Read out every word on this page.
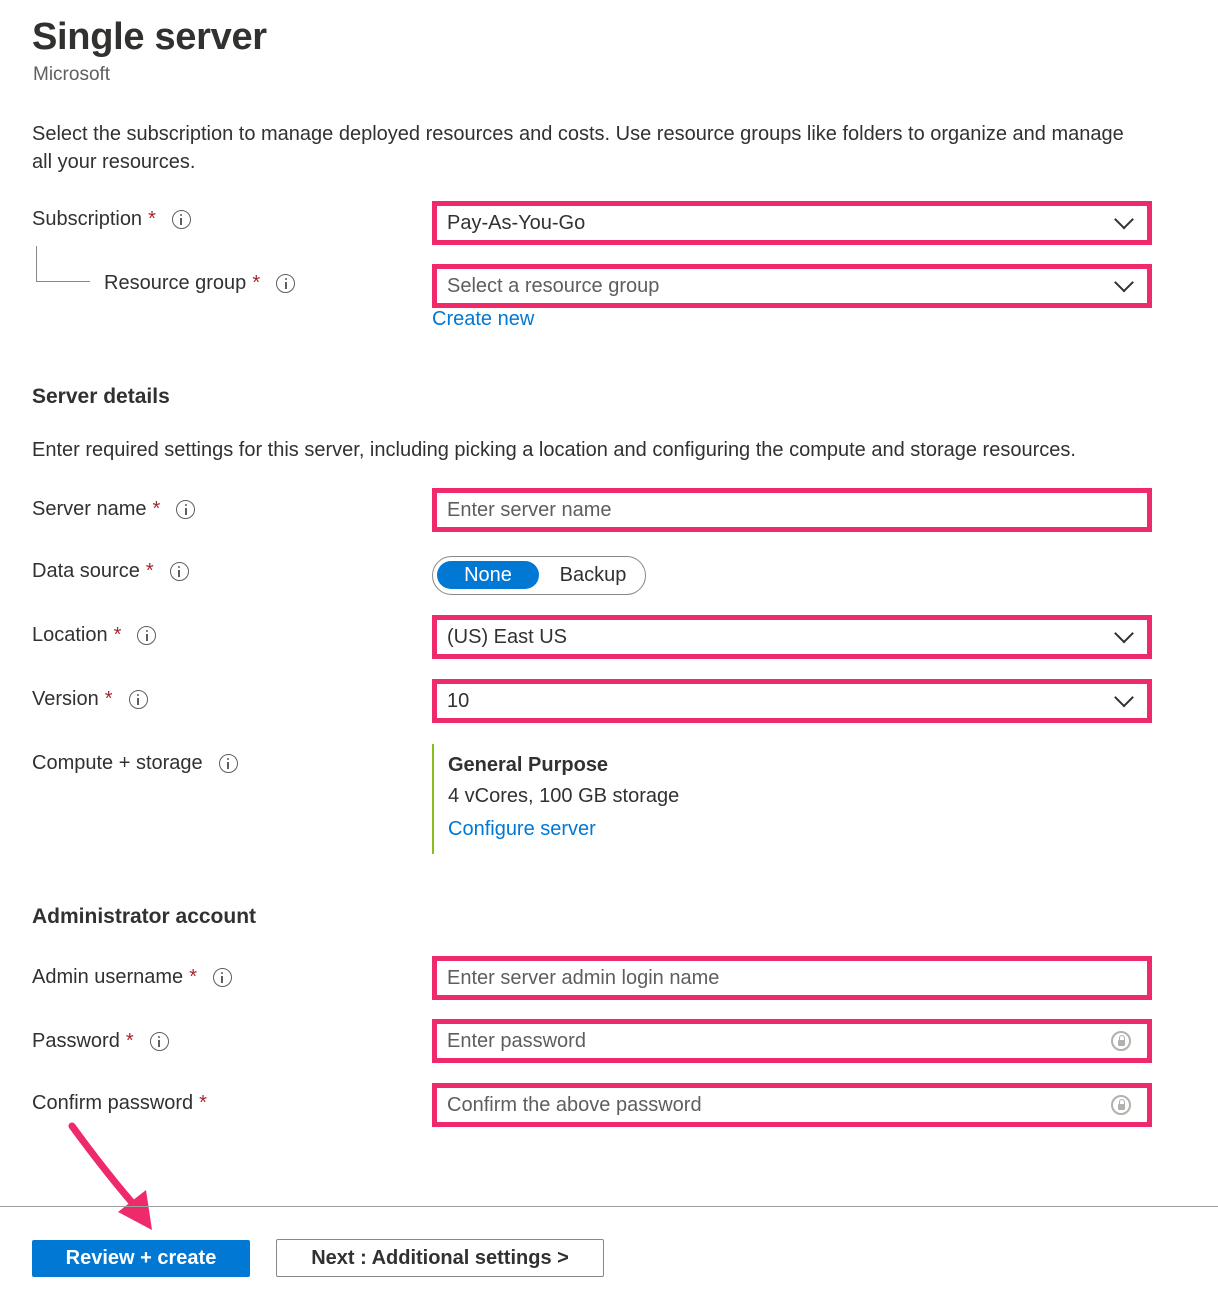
Single server
Microsoft
Select the subscription to manage deployed resources and costs. Use resource groups like folders to organize and manage all your resources.
Subscription *	Pay-As-You-Go
Resource group *	Select a resource group
Create new
Server details
Enter required settings for this server, including picking a location and configuring the compute and storage resources.
Server name *	Enter server name
Data source *	None	Backup
Location *	(US) East US
Version *	10
Compute + storage	General Purpose
4 vCores, 100 GB storage
Configure server
Administrator account
Admin username *	Enter server admin login name
Password *	Enter password
Confirm password *	Confirm the above password
Review + create	Next : Additional settings >
